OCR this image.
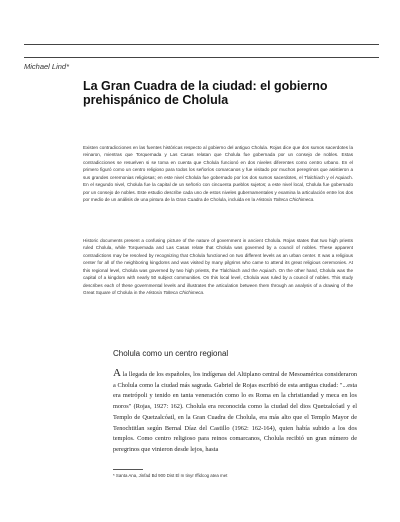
Michael Lind*
La Gran Cuadra de la ciudad: el gobierno prehispánico de Cholula
Existen contradicciones en las fuentes históricas respecto al gobierno del antiguo Cholula. Rojas dice que dos sumos sacerdotes la reinaron, mientras que Torquemada y Las Casas relatan que Cholula fue gobernada por un consejo de nobles. Estas contradicciones se resuelven si se toma en cuenta que Cholula funcionó en dos niveles diferentes como centro urbano. En el primero figuró como un centro religioso para todos los señoríos comarcanos y fue visitado por muchos peregrinos que asistieron a sus grandes ceremonias religiosas; en este nivel Cholula fue gobernado por los dos sumos sacerdotes, el Tlalchiach y el Aquiach. En el segundo nivel, Cholula fue la capital de un señorío con cincuenta pueblos sujetos; a este nivel local, Cholula fue gobernado por un consejo de nobles. Este estudio describe cada uno de estos niveles gubernamentales y examina la articulación entre los dos por medio de un análisis de una pintura de la Gran Cuadra de Cholula, incluida en la Historia Tolteca Chichimeca.
Historic documents present a confusing picture of the nature of government in ancient Cholula. Rojas states that two high priests ruled Cholula, while Torquemada and Las Casas relate that Cholula was governed by a council of nobles. These apparent contradictions may be resolved by recognizing that Cholula functioned on two different levels as an urban center. It was a religious center for all of the neighboring kingdoms and was visited by many pilgrims who came to attend its great religious ceremonies. At this regional level, Cholula was governed by two high priests, the Tlalchiach and the Aquiach. On the other hand, Cholula was the capital of a kingdom with nearly 50 subject communities. On this local level, Cholula was ruled by a council of nobles. This study describes each of these governmental levels and illustrates the articulation between them through an analysis of a drawing of the Great Square of Cholula in the Historia Tolteca Chichimeca.
Cholula como un centro regional
A la llegada de los españoles, los indígenas del Altiplano central de Mesoamérica consideraron a Cholula como la ciudad más sagrada. Gabriel de Rojas escribió de esta antigua ciudad: "...esta era metrópoli y tenido en tanta veneración como lo es Roma en la christiandad y meca en los moros" (Rojas, 1927: 162). Cholula era reconocida como la ciudad del dios Quetzalcóatl y el Templo de Quetzalcóatl, en la Gran Cuadra de Cholula, era más alto que el Templo Mayor de Tenochtitlan según Bernal Díaz del Castillo (1962: 162-164), quien había subido a los dos templos. Como centro religioso para reinos comarcanos, Cholula recibió un gran número de peregrinos que vinieron desde lejos, hasta
* Santa Ana, Jinfad Bd 900 Dist El m tinyr Iffidcog atea met
